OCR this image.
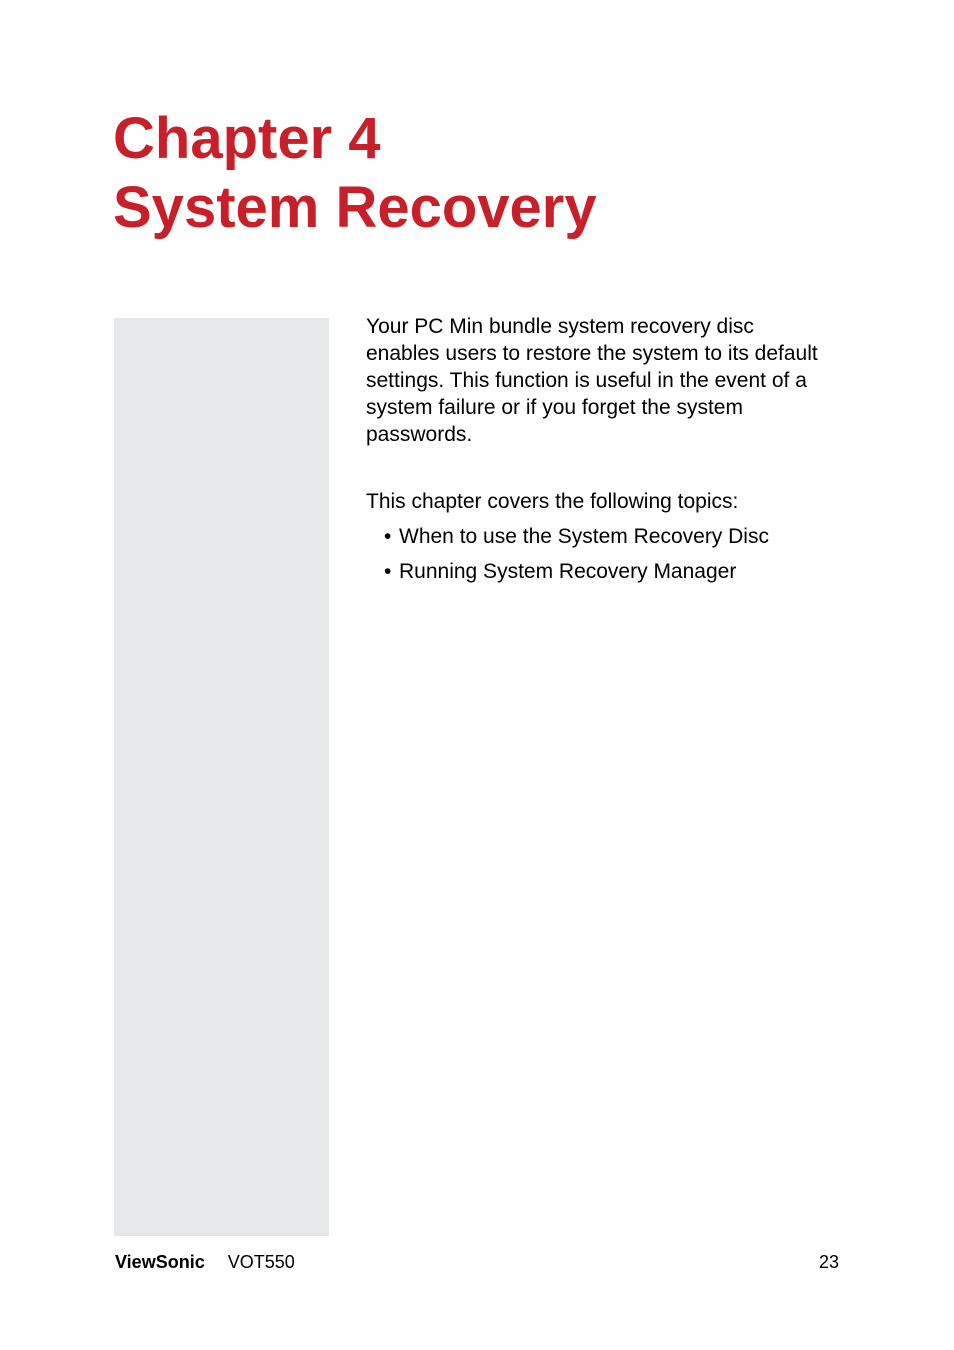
Chapter 4
System Recovery

Your PC Min bundle system recovery disc enables users to restore the system to its default settings. This function is useful in the event of a system failure or if you forget the system passwords.

This chapter covers the following topics:

• When to use the System Recovery Disc
• Running System Recovery Manager
ViewSonic VOT550	23
